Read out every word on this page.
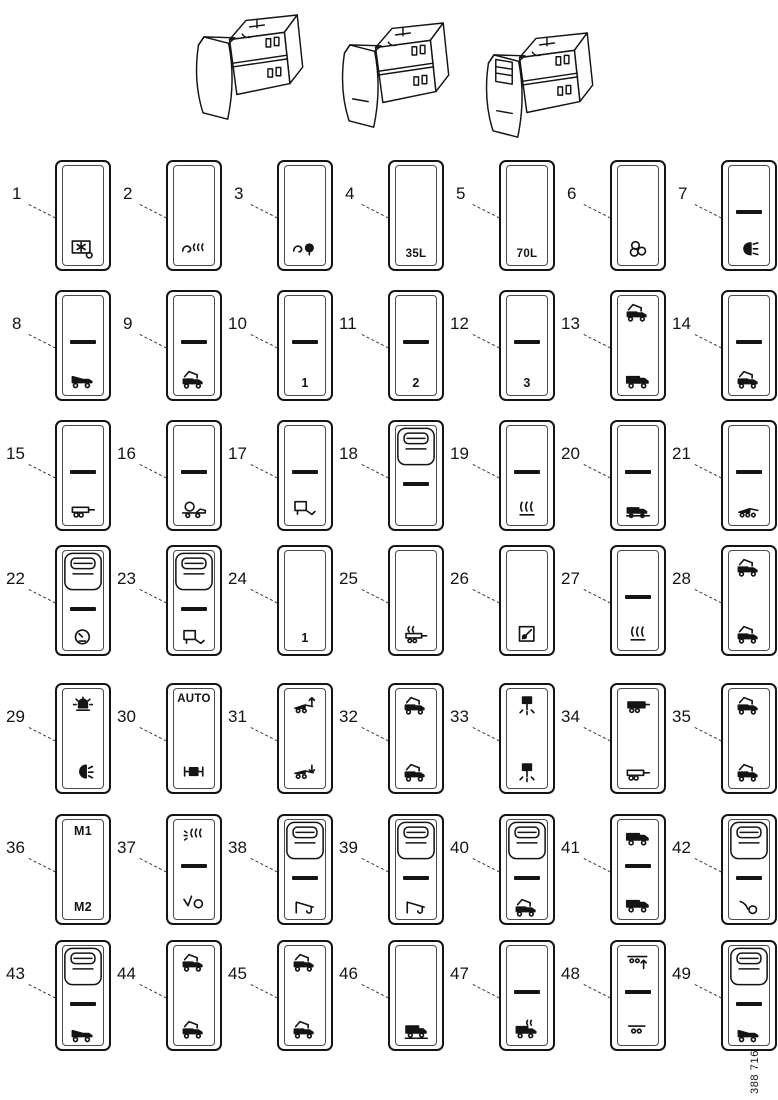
1	2	3	4
35L
5
70L
6	7
8	9	10
1
11
2
12
3
13	14
15	16	17	18	19	20	21
22	23	24
1
25	26	27	28
29	30
AUTO
31	32	33	34	35
36
M1
M2
37	38	39	40	41	42
43	44	45	46	47	48	49
388 716
